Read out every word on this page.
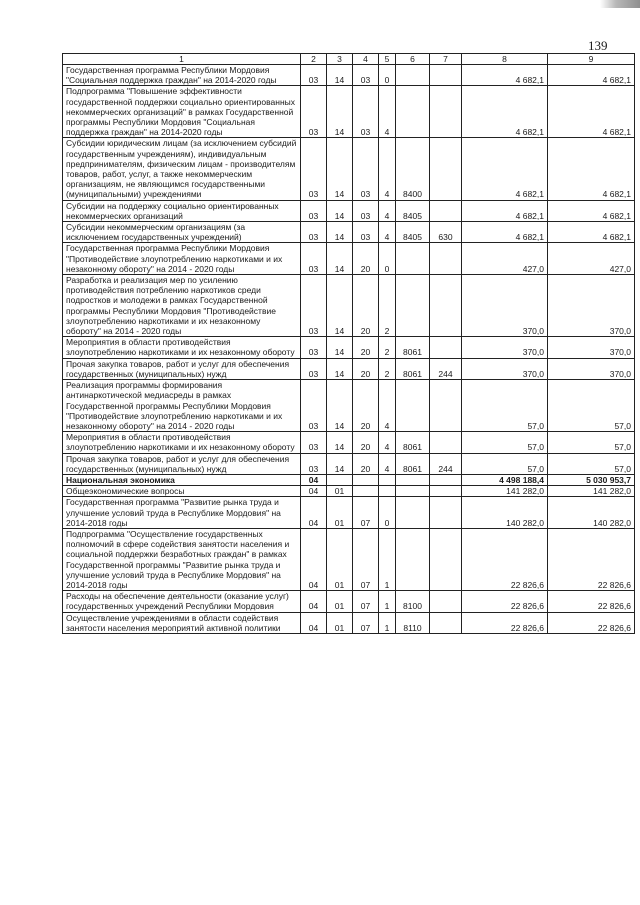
139
1	2	3	4	5	6	7	8	9
Государственная программа Республики Мордовия "Социальная поддержка граждан" на 2014-2020 годы	03	14	03	0			4 682,1	4 682,1
Подпрограмма "Повышение эффективности государственной поддержки социально ориентированных некоммерческих организаций" в рамках Государственной программы Республики Мордовия "Социальная поддержка граждан" на 2014-2020 годы	03	14	03	4			4 682,1	4 682,1
Субсидии юридическим лицам (за исключением субсидий государственным учреждениям), индивидуальным предпринимателям, физическим лицам - производителям товаров, работ, услуг, а также некоммерческим организациям, не являющимся государственными (муниципальными) учреждениями	03	14	03	4	8400		4 682,1	4 682,1
Субсидии на поддержку социально ориентированных некоммерческих организаций	03	14	03	4	8405		4 682,1	4 682,1
Субсидии некоммерческим организациям (за исключением государственных учреждений)	03	14	03	4	8405	630	4 682,1	4 682,1
Государственная программа Республики Мордовия "Противодействие злоупотреблению наркотиками и их незаконному обороту" на 2014 - 2020 годы	03	14	20	0			427,0	427,0
Разработка и реализация мер по усилению противодействия потреблению наркотиков среди подростков и молодежи в рамках Государственной программы Республики Мордовия "Противодействие злоупотреблению наркотиками и их незаконному обороту" на 2014 - 2020 годы	03	14	20	2			370,0	370,0
Мероприятия в области противодействия злоупотреблению наркотиками и их незаконному обороту	03	14	20	2	8061		370,0	370,0
Прочая закупка товаров, работ и услуг для обеспечения государственных (муниципальных) нужд	03	14	20	2	8061	244	370,0	370,0
Реализация программы формирования антинаркотической медиасреды в рамках Государственной программы Республики Мордовия "Противодействие злоупотреблению наркотиками и их незаконному обороту" на 2014 - 2020 годы	03	14	20	4			57,0	57,0
Мероприятия в области противодействия злоупотреблению наркотиками и их незаконному обороту	03	14	20	4	8061		57,0	57,0
Прочая закупка товаров, работ и услуг для обеспечения государственных (муниципальных) нужд	03	14	20	4	8061	244	57,0	57,0
Национальная экономика	04						4 498 188,4	5 030 953,7
Общеэкономические вопросы	04	01					141 282,0	141 282,0
Государственная программа "Развитие рынка труда и улучшение условий труда в Республике Мордовия" на 2014-2018 годы	04	01	07	0			140 282,0	140 282,0
Подпрограмма "Осуществление государственных полномочий в сфере содействия занятости населения и социальной поддержки безработных граждан" в рамках Государственной программы "Развитие рынка труда и улучшение условий труда в Республике Мордовия" на 2014-2018 годы	04	01	07	1			22 826,6	22 826,6
Расходы на обеспечение деятельности (оказание услуг) государственных учреждений Республики Мордовия	04	01	07	1	8100		22 826,6	22 826,6
Осуществление учреждениями в области содействия занятости населения мероприятий активной политики	04	01	07	1	8110		22 826,6	22 826,6
